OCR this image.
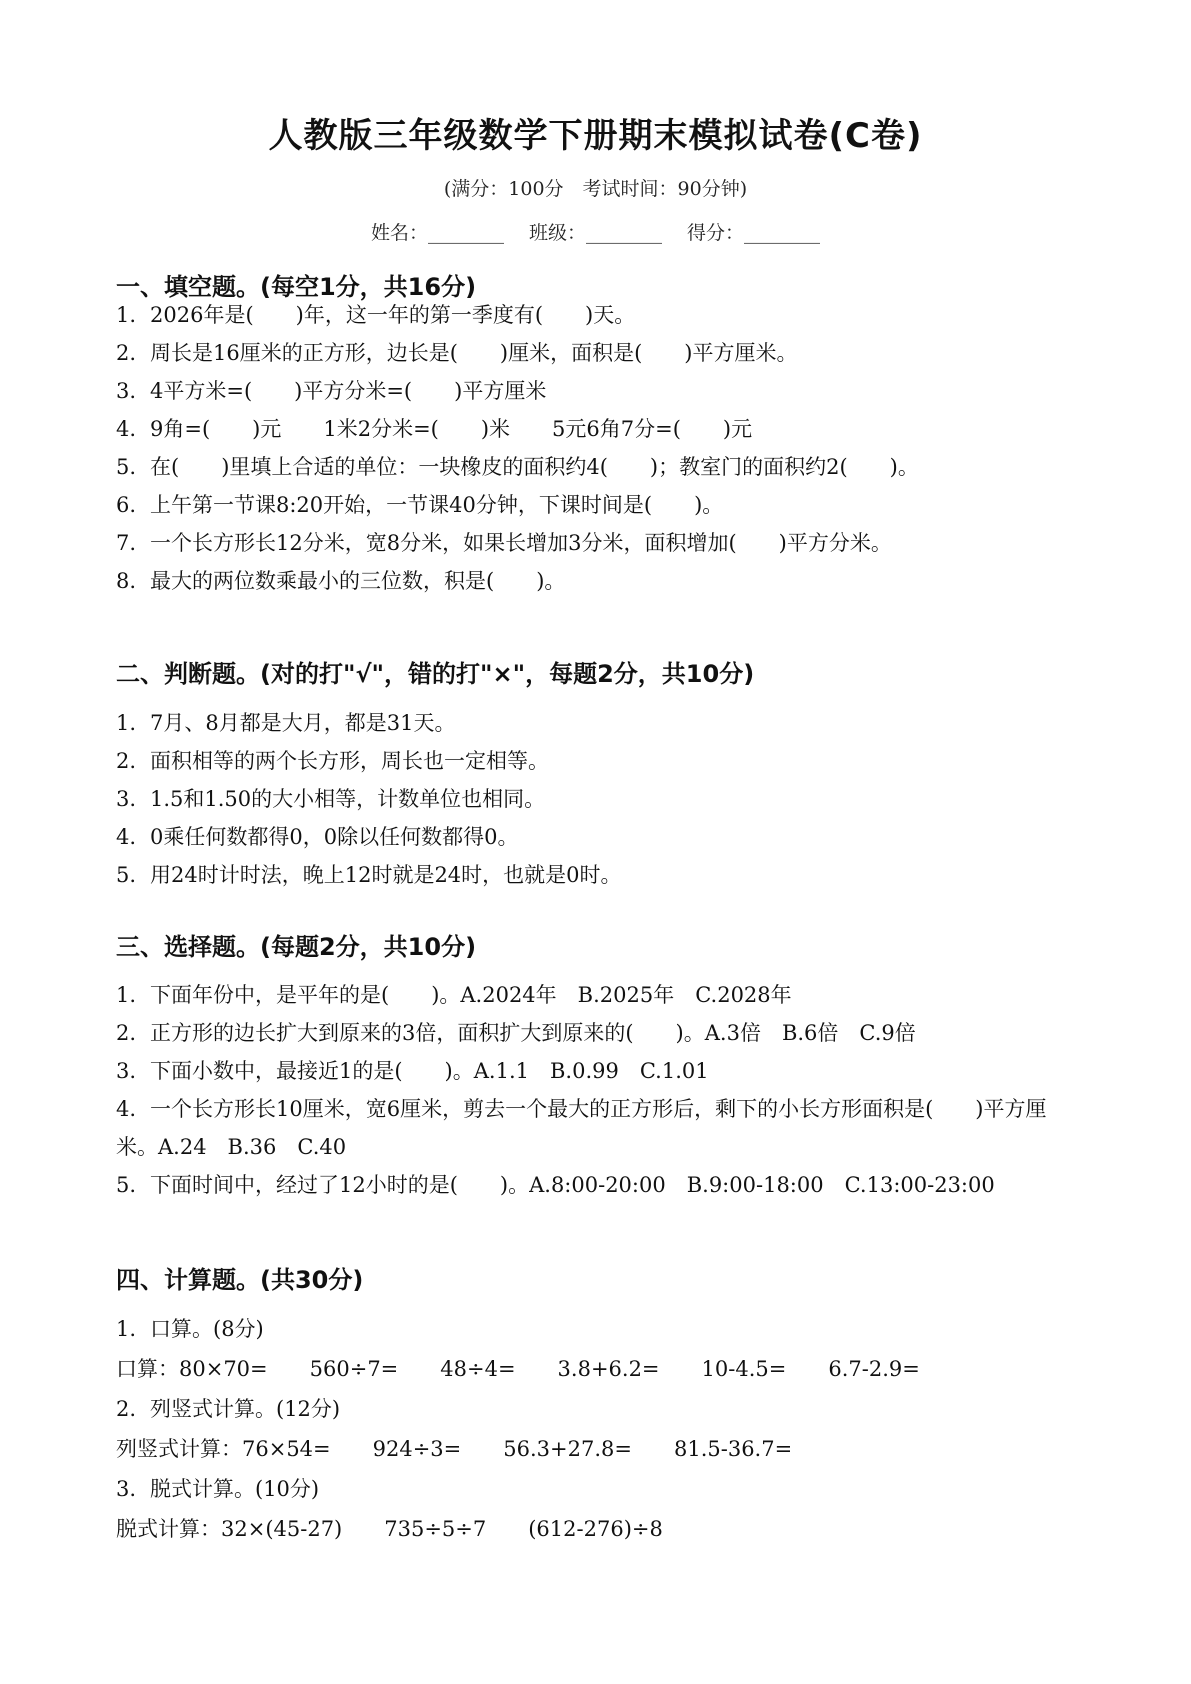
人教版三年级数学下册期末模拟试卷(C卷)
(满分：100分　考试时间：90分钟)
姓名：________　 班级：________　 得分：________
一、填空题。(每空1分，共16分)
1. 2026年是(　　)年，这一年的第一季度有(　　)天。
2. 周长是16厘米的正方形，边长是(　　)厘米，面积是(　　)平方厘米。
3. 4平方米=(　　)平方分米=(　　)平方厘米
4. 9角=(　　)元　　1米2分米=(　　)米　　5元6角7分=(　　)元
5. 在(　　)里填上合适的单位：一块橡皮的面积约4(　　)；教室门的面积约2(　　)。
6. 上午第一节课8:20开始，一节课40分钟，下课时间是(　　)。
7. 一个长方形长12分米，宽8分米，如果长增加3分米，面积增加(　　)平方分米。
8. 最大的两位数乘最小的三位数，积是(　　)。
二、判断题。(对的打"√"，错的打"×"，每题2分，共10分)
1. 7月、8月都是大月，都是31天。
2. 面积相等的两个长方形，周长也一定相等。
3. 1.5和1.50的大小相等，计数单位也相同。
4. 0乘任何数都得0，0除以任何数都得0。
5. 用24时计时法，晚上12时就是24时，也就是0时。
三、选择题。(每题2分，共10分)
1. 下面年份中，是平年的是(　　)。A.2024年　B.2025年　C.2028年
2. 正方形的边长扩大到原来的3倍，面积扩大到原来的(　　)。A.3倍　B.6倍　C.9倍
3. 下面小数中，最接近1的是(　　)。A.1.1　B.0.99　C.1.01
4. 一个长方形长10厘米，宽6厘米，剪去一个最大的正方形后，剩下的小长方形面积是(　　)平方厘米。A.24　B.36　C.40
5. 下面时间中，经过了12小时的是(　　)。A.8:00-20:00　B.9:00-18:00　C.13:00-23:00
四、计算题。(共30分)
1. 口算。(8分)
口算：80×70=　　560÷7=　　48÷4=　　3.8+6.2=　　10-4.5=　　6.7-2.9=
2. 列竖式计算。(12分)
列竖式计算：76×54=　　924÷3=　　56.3+27.8=　　81.5-36.7=
3. 脱式计算。(10分)
脱式计算：32×(45-27)　　735÷5÷7　　(612-276)÷8
